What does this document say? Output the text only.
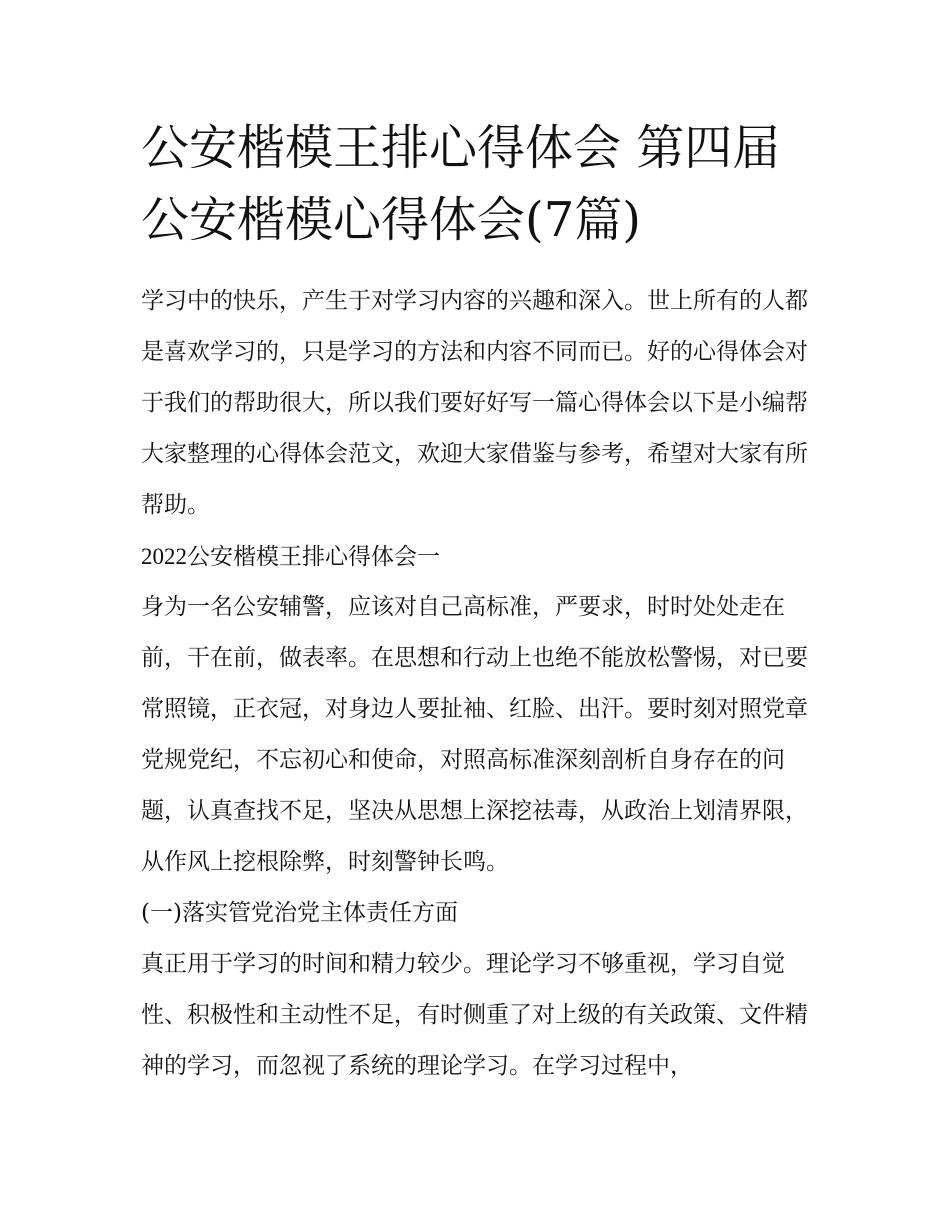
公安楷模王排心得体会 第四届
公安楷模心得体会(7篇)

学习中的快乐，产生于对学习内容的兴趣和深入。世上所有的人都是喜欢学习的，只是学习的方法和内容不同而已。好的心得体会对于我们的帮助很大，所以我们要好好写一篇心得体会以下是小编帮大家整理的心得体会范文，欢迎大家借鉴与参考，希望对大家有所帮助。

2022公安楷模王排心得体会一

身为一名公安辅警，应该对自己高标准，严要求，时时处处走在前，干在前，做表率。在思想和行动上也绝不能放松警惕，对已要常照镜，正衣冠，对身边人要扯袖、红脸、出汗。要时刻对照党章党规党纪，不忘初心和使命，对照高标准深刻剖析自身存在的问题，认真查找不足，坚决从思想上深挖祛毒，从政治上划清界限，从作风上挖根除弊，时刻警钟长鸣。

(一)落实管党治党主体责任方面

真正用于学习的时间和精力较少。理论学习不够重视，学习自觉性、积极性和主动性不足，有时侧重了对上级的有关政策、文件精神的学习，而忽视了系统的理论学习。在学习过程中，
